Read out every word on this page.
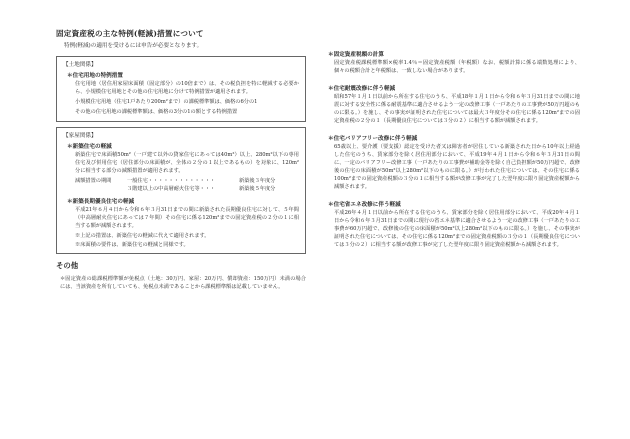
固定資産税の主な特例(軽減)措置について
特例(軽減)の適用を受けるには申告が必要となります。
【土地関係】
＊住宅用地の特例措置
住宅用地（居住用家屋床面積（固定部分）の10倍まで）は、その税負担を特に軽減する必要から、小規模住宅用地とその他の住宅用地に分けて特例措置が適用されます。
小規模住宅用地（住宅1戸あたり200m²まで）の課税標準額は、価格の6分の1
その他の住宅用地の課税標準額は、価格の3分の1の額とする特例措置
【家屋関係】
＊新築住宅の軽減
新築住宅で床面積50m²（一戸建て以外の貸家住宅にあっては40m²）以上、280m²以下の専用住宅及び併用住宅（居住部分の床面積が、全体の２分の１以上であるもの）を対象に、120m²分に相当する部分の減額措置が適用されます。
減額措置の期間	一般住宅・・・・・・・・・・・・・	新築後３年度分
３階建以上の中高層耐火住宅等・・・	新築後５年度分
＊新築長期優良住宅の軽減
平成21年６月４日から令和６年３月31日までの間に新築された長期優良住宅に対して、５年間（中高層耐火住宅にあっては７年間）その住宅に係る120m²までの固定資産税の２分の１に相当する額が減額されます。
※上記の措置は、新築住宅の軽減に代えて適用されます。
※床面積の要件は、新築住宅の軽減と同様です。
その他
＊固定資産の総課税標準額が免税点（土地：30万円、家屋：20万円、償却資産：150万円）未満の場合には、当該資産を所有していても、免税点未満であることから課税標準額は記載していません。
＊固定資産税額の計算
固定資産税課税標準額×税率1.4％＝固定資産税額（年税額）なお、税額計算に係る端数処理により、個々の税額合計と年税額は、一致しない場合があります。
＊住宅耐震改修に伴う軽減
昭和57年１月１日以前から所在する住宅のうち、平成18年１月１日から令和６年３月31日までの間に地震に対する安全性に係る耐震基準に適合させるよう一定の改修工事（一戸あたりの工事費が50万円超のものに限る。）を施し、その事実が証明された住宅については最大３年度分その住宅に係る120m²までの固定資産税の２分の１（長期優良住宅については３分の２）に相当する額が減額されます。
＊住宅バリアフリー改修に伴う軽減
65歳以上、要介護（要支援）認定を受けた者又は障害者が居住している新築された日から10年以上経過した住宅のうち、賃家部分を除く居住用部分において、平成19年４月１日から令和６年３月31日の間に、一定のバリアフリー改修工事（一戸あたりの工事費が補助金等を除く自己負担額が50万円超で、改修後の住宅の床面積が50m²以上280m²以下のものに限る。）が行われた住宅については、その住宅に係る100m²までの固定資産税額の３分の１に相当する額が改修工事が完了した翌年度に限り固定資産税額から減額されます。
＊住宅省エネ改修に伴う軽減
平成26年４月１日以前から所在する住宅のうち、賃家部分を除く居住用部分において、平成20年４月１日から令和６年３月31日までの間に現行の省エネ基準に適合させるよう一定の改修工事（一戸あたりの工事費が60万円超で、改修後の住宅の床面積が50m²以上280m²以下のものに限る。）を施し、その事実が証明された住宅については、その住宅に係る120m²までの固定資産税額の３分の１（長期優良住宅については３分の２）に相当する額が改修工事が完了した翌年度に限り固定資産税額から減額されます。
